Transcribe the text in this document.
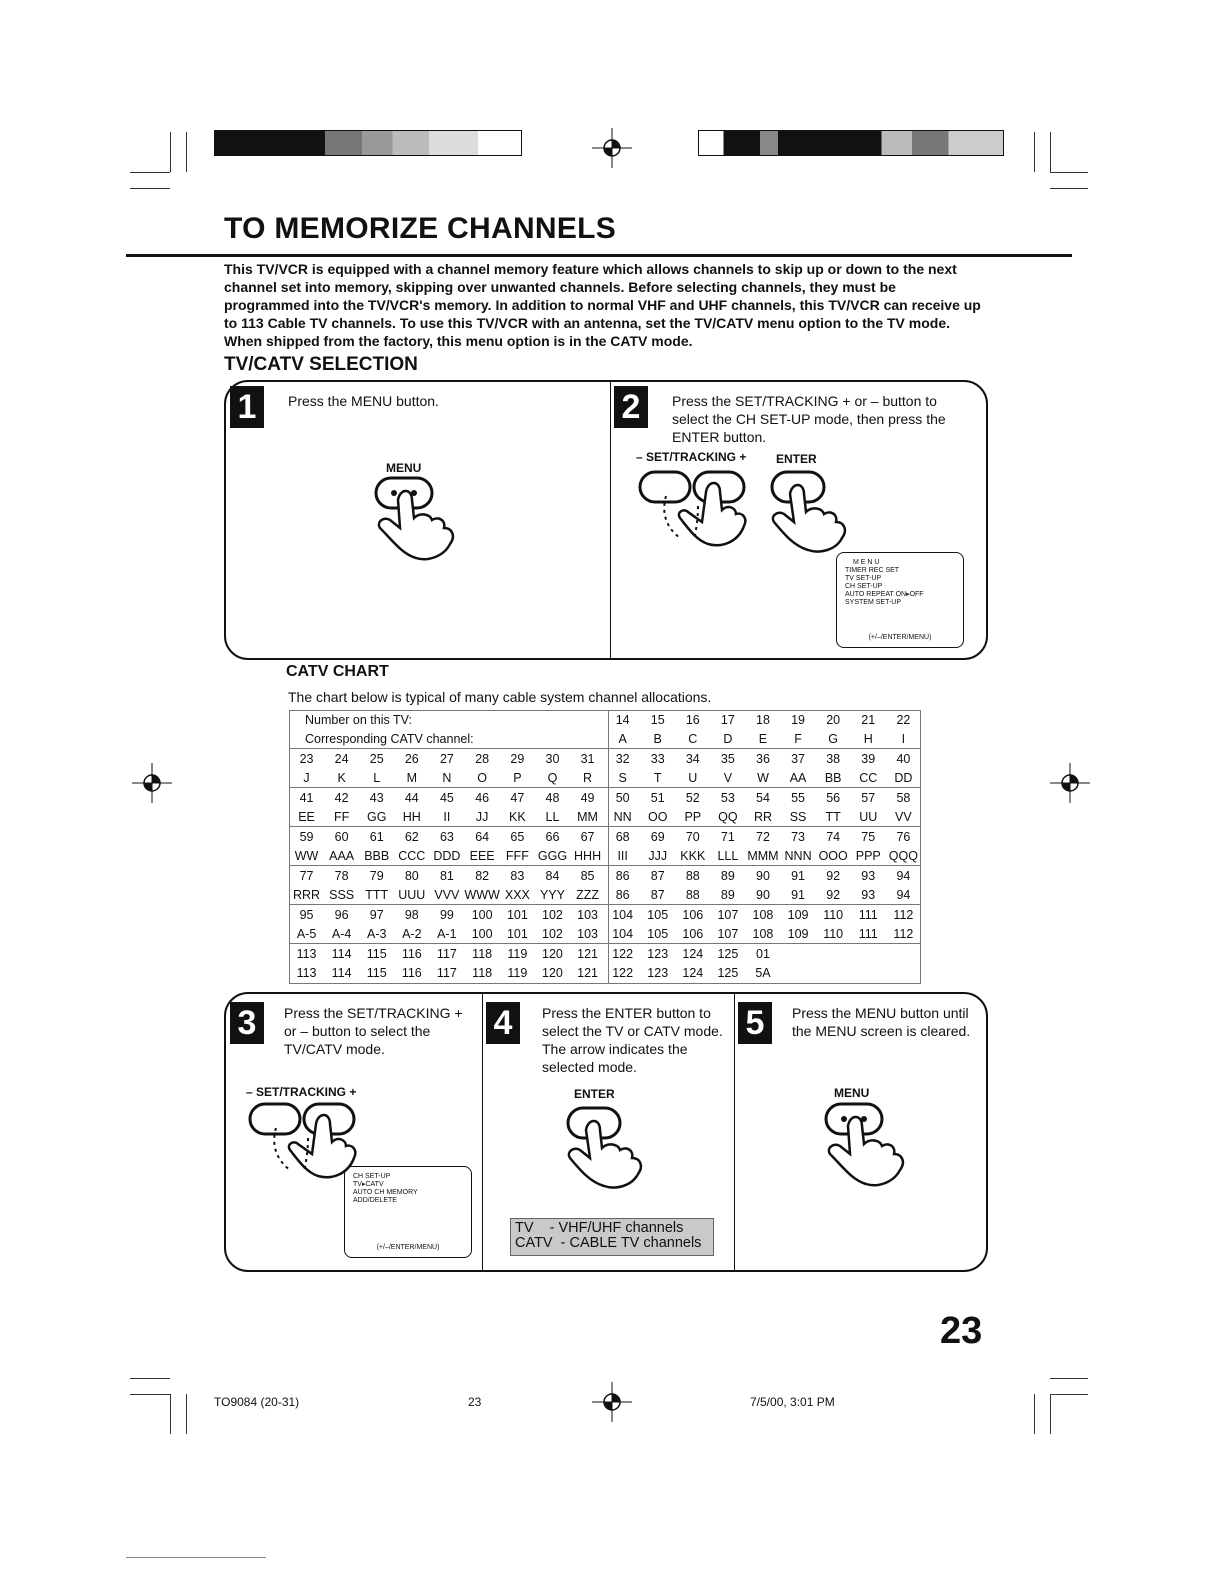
TO MEMORIZE CHANNELS
This TV/VCR is equipped with a channel memory feature which allows channels to skip up or down to the next channel set into memory, skipping over unwanted channels. Before selecting channels, they must be programmed into the TV/VCR's memory. In addition to normal VHF and UHF channels, this TV/VCR can receive up to 113 Cable TV channels. To use this TV/VCR with an antenna, set the TV/CATV menu option to the TV mode. When shipped from the factory, this menu option is in the CATV mode.
TV/CATV SELECTION
1	Press the MENU button.
MENU
2	Press the SET/TRACKING + or – button to select the CH SET-UP mode, then press the ENTER button.
– SET/TRACKING + ENTER
M E N U
TIMER REC SET
TV SET-UP
CH SET-UP
AUTO REPEAT ON▸OFF
SYSTEM SET-UP
(+/–/ENTER/MENU)
CATV CHART
The chart below is typical of many cable system channel allocations.
Number on this TV:									14	15	16	17	18	19	20	21	22
Corresponding CATV channel:									A	B	C	D	E	F	G	H	I
23	24	25	26	27	28	29	30	31	32	33	34	35	36	37	38	39	40
J	K	L	M	N	O	P	Q	R	S	T	U	V	W	AA	BB	CC	DD
41	42	43	44	45	46	47	48	49	50	51	52	53	54	55	56	57	58
EE	FF	GG	HH	II	JJ	KK	LL	MM	NN	OO	PP	QQ	RR	SS	TT	UU	VV
59	60	61	62	63	64	65	66	67	68	69	70	71	72	73	74	75	76
WW	AAA	BBB	CCC	DDD	EEE	FFF	GGG	HHH	III	JJJ	KKK	LLL	MMM	NNN	OOO	PPP	QQQ
77	78	79	80	81	82	83	84	85	86	87	88	89	90	91	92	93	94
RRR	SSS	TTT	UUU	VVV	WWW	XXX	YYY	ZZZ	86	87	88	89	90	91	92	93	94
95	96	97	98	99	100	101	102	103	104	105	106	107	108	109	110	111	112
A-5	A-4	A-3	A-2	A-1	100	101	102	103	104	105	106	107	108	109	110	111	112
113	114	115	116	117	118	119	120	121	122	123	124	125	01				
113	114	115	116	117	118	119	120	121	122	123	124	125	5A				
3	Press the SET/TRACKING + or – button to select the TV/CATV mode.
– SET/TRACKING +
CH SET-UP
TV▸CATV
AUTO CH MEMORY
ADD/DELETE
(+/–/ENTER/MENU)
4	Press the ENTER button to select the TV or CATV mode. The arrow indicates the selected mode.
ENTER
TV    - VHF/UHF channels
CATV  - CABLE TV channels
5	Press the MENU button until the MENU screen is cleared.
MENU
23
TO9084 (20-31)	23	7/5/00, 3:01 PM
